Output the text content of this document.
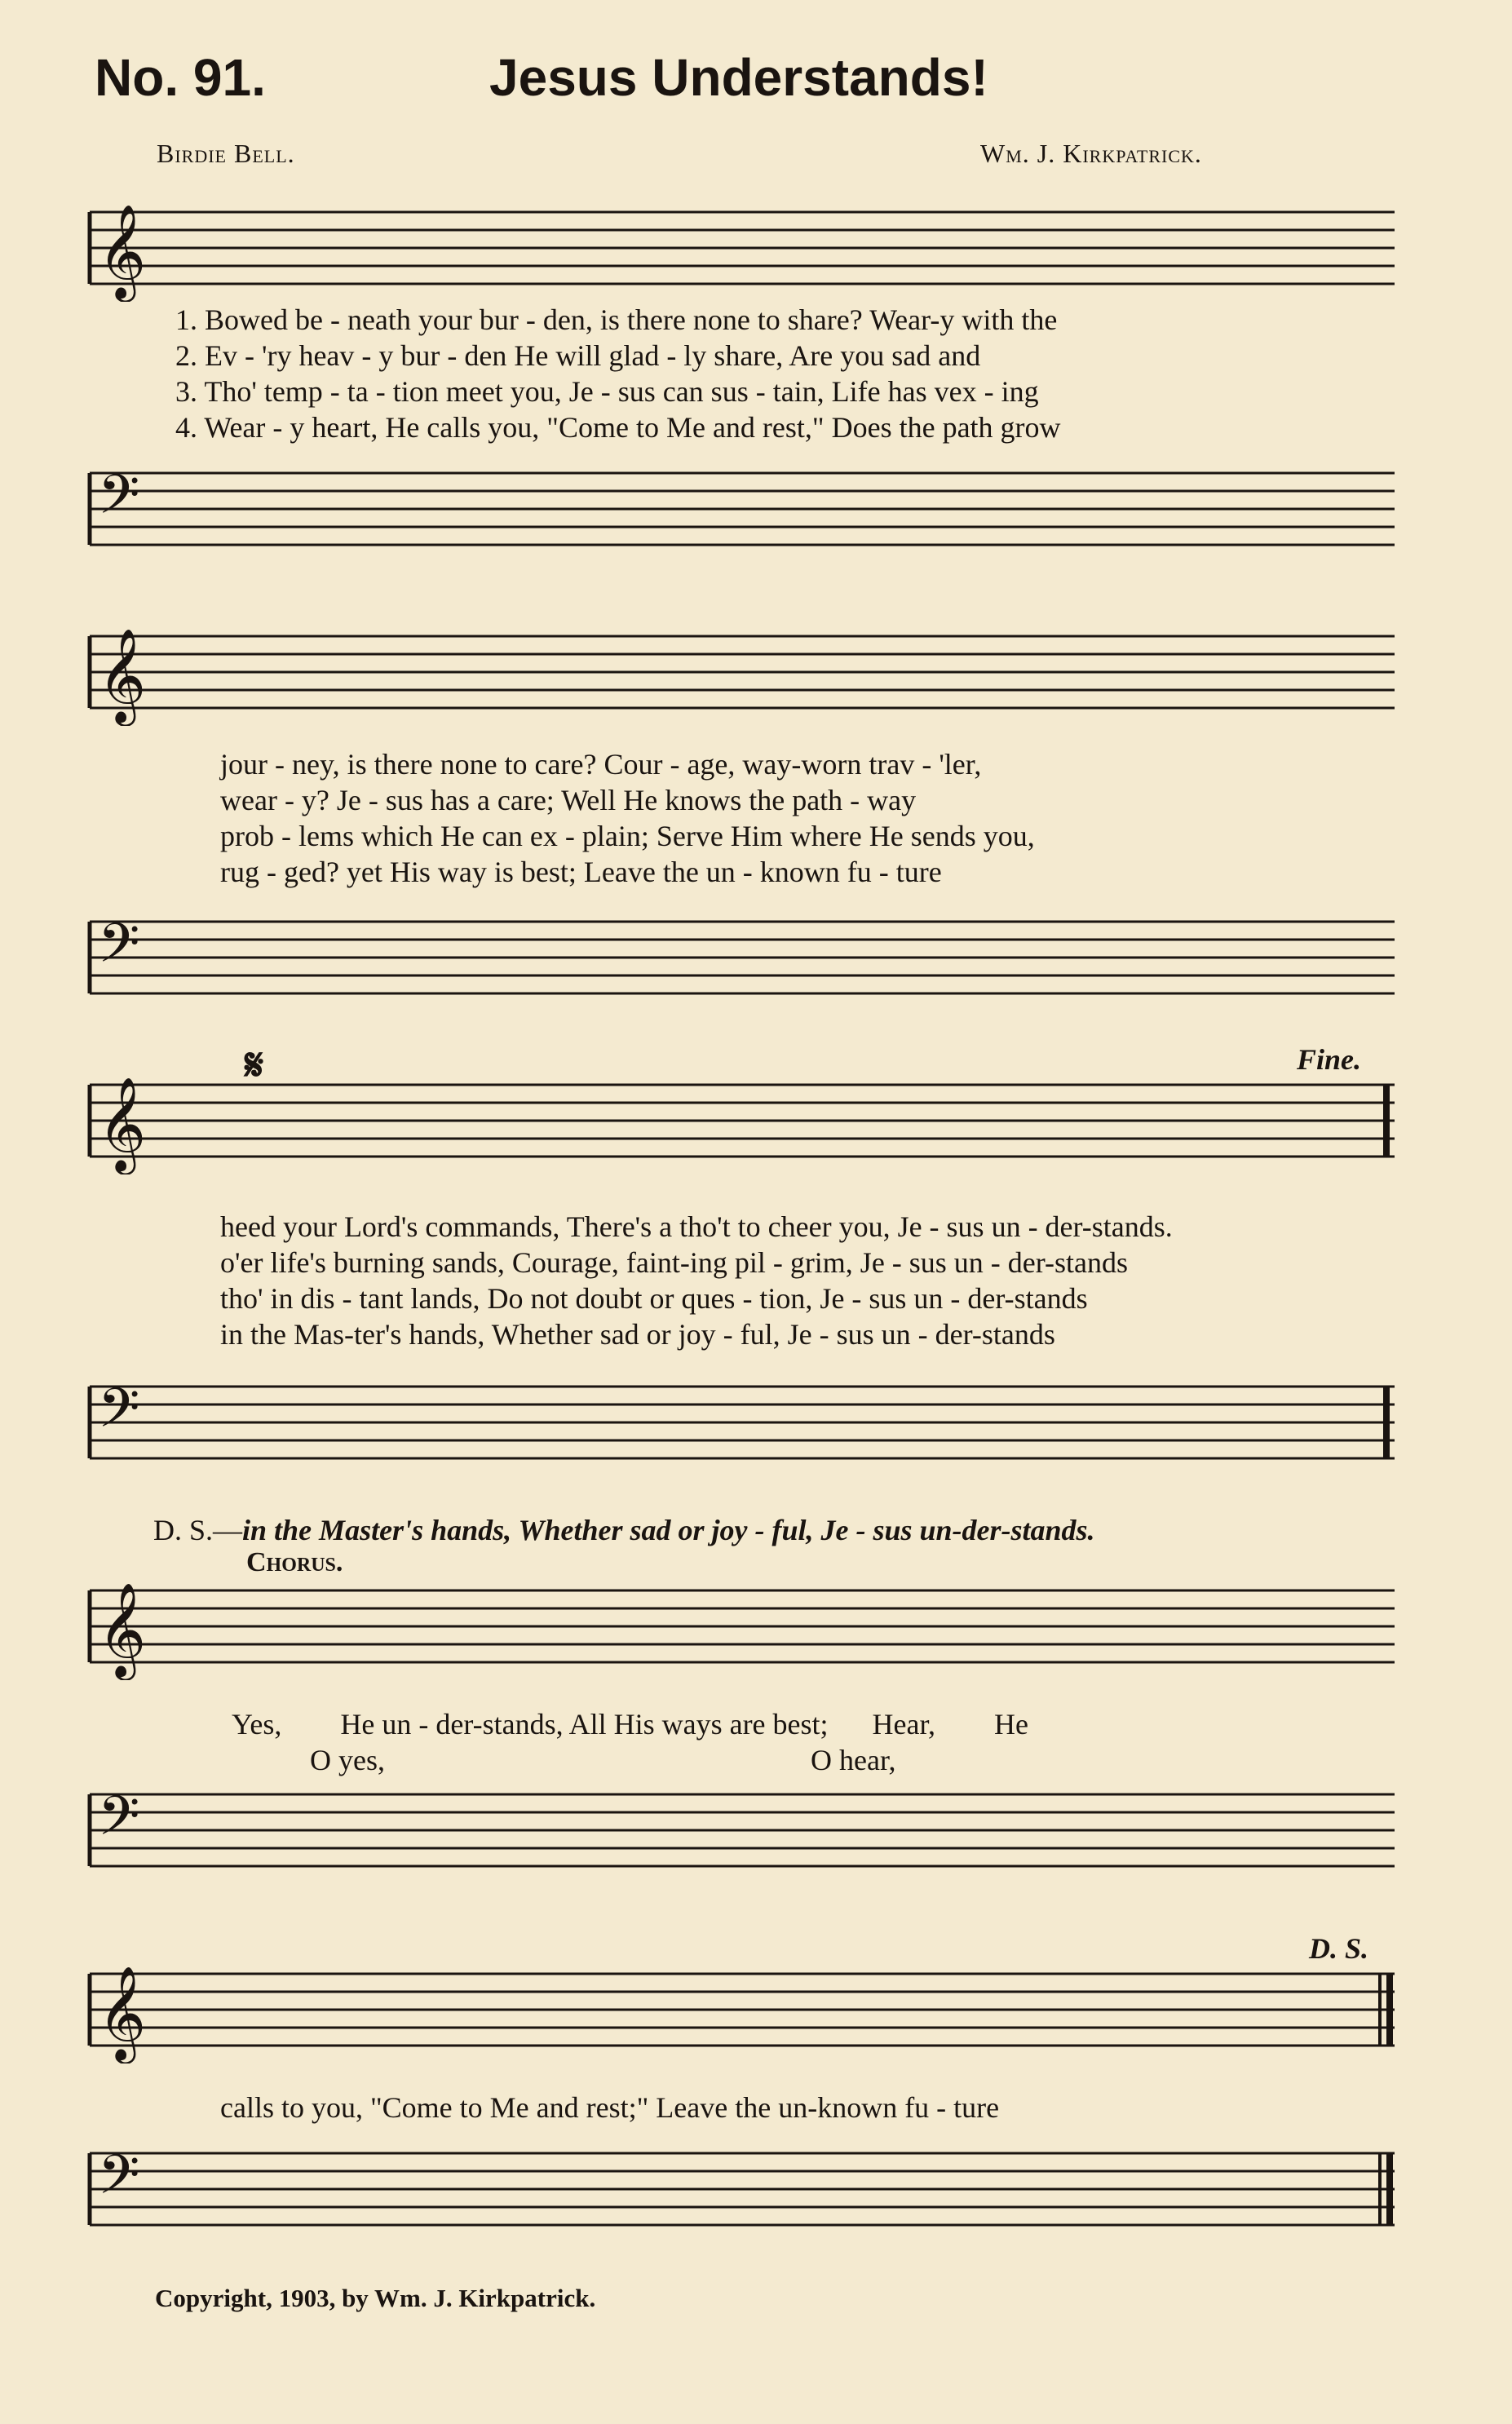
No. 91.	Jesus Understands!
Birdie Bell.	Wm. J. Kirkpatrick.
𝄞
1. Bowed be - neath your bur - den, is there none to share? Wear-y with the
2. Ev - 'ry heav - y bur - den He will glad - ly share, Are you sad and
3. Tho' temp - ta - tion meet you, Je - sus can sus - tain, Life has vex - ing
4. Wear - y heart, He calls you, "Come to Me and rest," Does the path grow
𝄢
𝄞
jour - ney, is there none to care? Cour - age, way-worn trav - 'ler,
wear - y? Je - sus has a care; Well He knows the path - way
prob - lems which He can ex - plain; Serve Him where He sends you,
rug - ged? yet His way is best; Leave the un - known fu - ture
𝄢
𝄋	Fine.
𝄞
heed your Lord's commands, There's a tho't to cheer you, Je - sus un - der-stands.
o'er life's burning sands, Courage, faint-ing pil - grim, Je - sus un - der-stands
tho' in dis - tant lands, Do not doubt or ques - tion, Je - sus un - der-stands
in the Mas-ter's hands, Whether sad or joy - ful, Je - sus un - der-stands
𝄢
D. S.—in the Master's hands, Whether sad or joy - ful, Je - sus un-der-stands.
Chorus.
𝄞
Yes,        He un - der-stands, All His ways are best;      Hear,        He
O yes,                                                          O hear,
𝄢
D. S.
𝄞
calls to you, "Come to Me and rest;" Leave the un-known fu - ture
𝄢
Copyright, 1903, by Wm. J. Kirkpatrick.
